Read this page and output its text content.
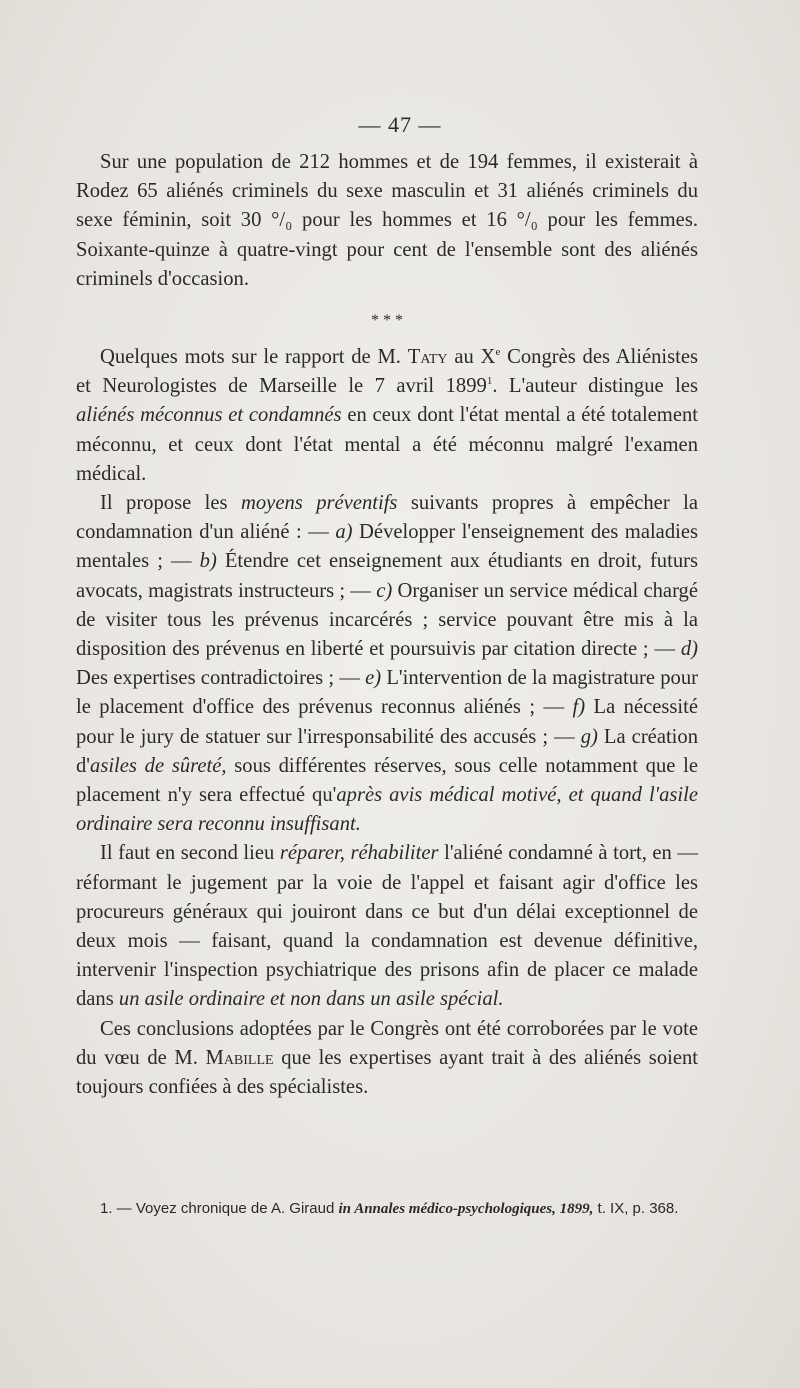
— 47 —

Sur une population de 212 hommes et de 194 femmes, il existerait à Rodez 65 aliénés criminels du sexe masculin et 31 aliénés criminels du sexe féminin, soit 30 °/₀ pour les hommes et 16 °/₀ pour les femmes. Soixante-quinze à quatre-vingt pour cent de l'ensemble sont des aliénés criminels d'occasion.

* * *

Quelques mots sur le rapport de M. Taty au Xe Congrès des Aliénistes et Neurologistes de Marseille le 7 avril 1899$^1$. L'auteur distingue les aliénés méconnus et condamnés en ceux dont l'état mental a été totalement méconnu, et ceux dont l'état mental a été méconnu malgré l'examen médical.

Il propose les moyens préventifs suivants propres à empêcher la condamnation d'un aliéné : — a) Développer l'enseignement des maladies mentales ; — b) Étendre cet enseignement aux étudiants en droit, futurs avocats, magistrats instructeurs ; — c) Organiser un service médical chargé de visiter tous les prévenus incarcérés ; service pouvant être mis à la disposition des prévenus en liberté et poursuivis par citation directe ; — d) Des expertises contradictoires ; — e) L'intervention de la magistrature pour le placement d'office des prévenus reconnus aliénés ; — f) La nécessité pour le jury de statuer sur l'irresponsabilité des accusés ; — g) La création d'asiles de sûreté, sous différentes réserves, sous celle notamment que le placement n'y sera effectué qu'après avis médical motivé, et quand l'asile ordinaire sera reconnu insuffisant.

Il faut en second lieu réparer, réhabiliter l'aliéné condamné à tort, en — réformant le jugement par la voie de l'appel et faisant agir d'office les procureurs généraux qui jouiront dans ce but d'un délai exceptionnel de deux mois — faisant, quand la condamnation est devenue définitive, intervenir l'inspection psychiatrique des prisons afin de placer ce malade dans un asile ordinaire et non dans un asile spécial.

Ces conclusions adoptées par le Congrès ont été corroborées par le vote du vœu de M. Mabille que les expertises ayant trait à des aliénés soient toujours confiées à des spécialistes.

1. — Voyez chronique de A. Giraud in Annales médico-psychologiques, 1899, t. IX, p. 368.
